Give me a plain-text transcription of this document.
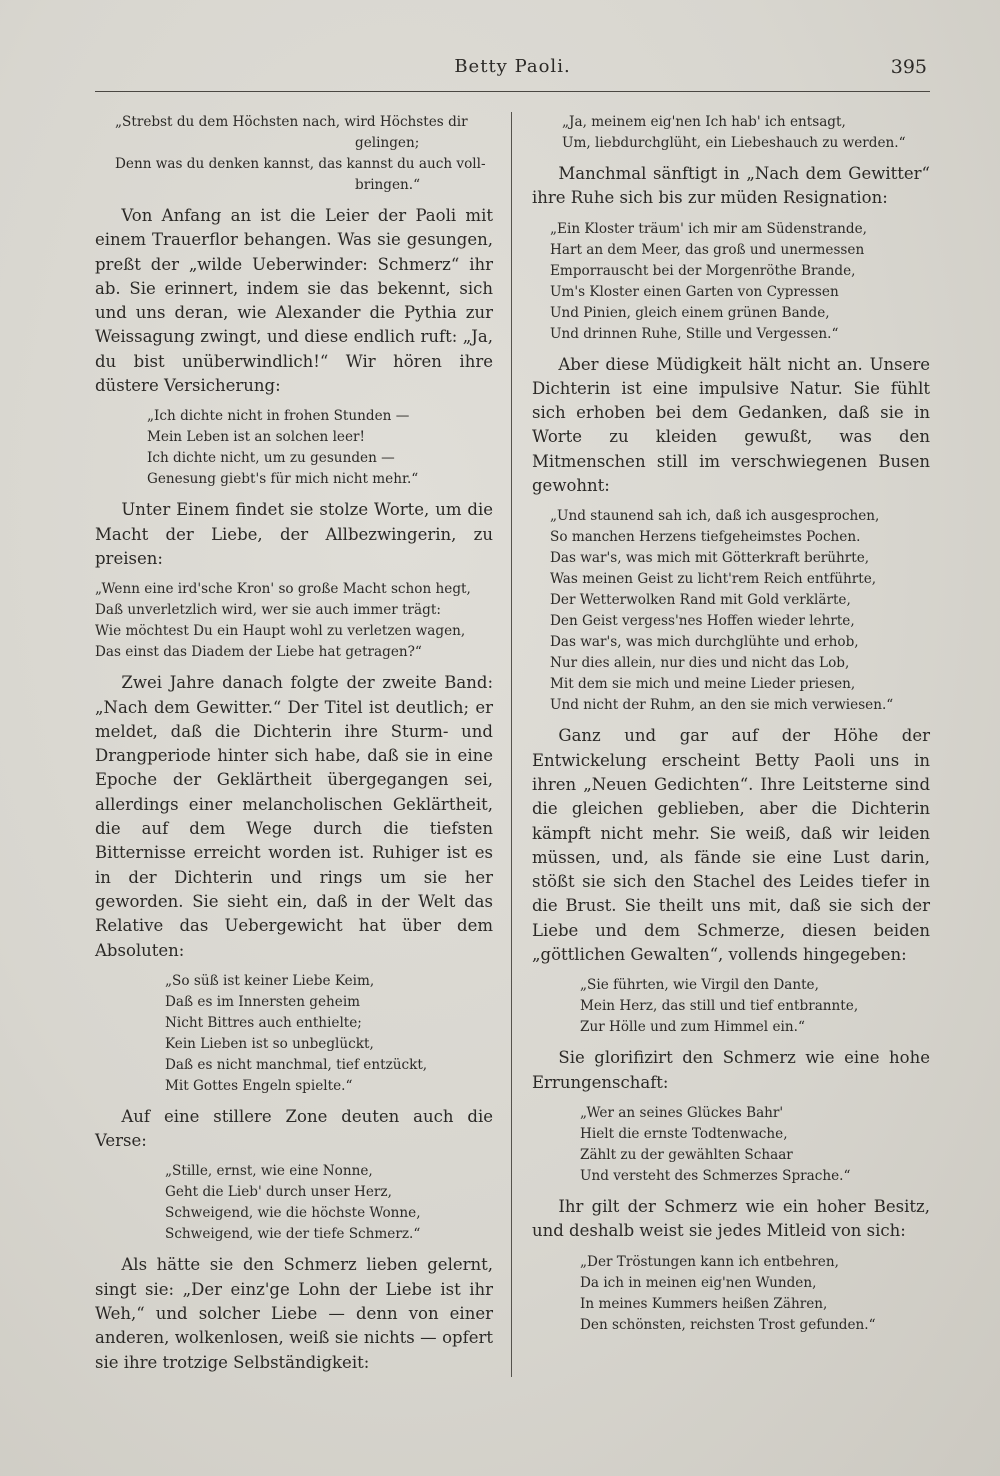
Betty Paoli.	395
„Strebst du dem Höchsten nach, wird Höchstes dir
gelingen;
Denn was du denken kannst, das kannst du auch voll-
bringen.“

Von Anfang an ist die Leier der Paoli mit einem Trauerflor behangen. Was sie gesungen, preßt der „wilde Ueberwinder: Schmerz“ ihr ab. Sie erinnert, indem sie das bekennt, sich und uns deran, wie Alexander die Pythia zur Weissagung zwingt, und diese endlich ruft: „Ja, du bist unüberwindlich!“ Wir hören ihre düstere Versicherung:

„Ich dichte nicht in frohen Stunden —
Mein Leben ist an solchen leer!
Ich dichte nicht, um zu gesunden —
Genesung giebt's für mich nicht mehr.“

Unter Einem findet sie stolze Worte, um die Macht der Liebe, der Allbezwingerin, zu preisen:

„Wenn eine ird'sche Kron' so große Macht schon hegt,
Daß unverletzlich wird, wer sie auch immer trägt:
Wie möchtest Du ein Haupt wohl zu verletzen wagen,
Das einst das Diadem der Liebe hat getragen?“

Zwei Jahre danach folgte der zweite Band: „Nach dem Gewitter.“ Der Titel ist deutlich; er meldet, daß die Dichterin ihre Sturm- und Drangperiode hinter sich habe, daß sie in eine Epoche der Geklärtheit übergegangen sei, allerdings einer melancholischen Geklärtheit, die auf dem Wege durch die tiefsten Bitternisse erreicht worden ist. Ruhiger ist es in der Dichterin und rings um sie her geworden. Sie sieht ein, daß in der Welt das Relative das Uebergewicht hat über dem Absoluten:

„So süß ist keiner Liebe Keim,
Daß es im Innersten geheim
Nicht Bittres auch enthielte;
Kein Lieben ist so unbeglückt,
Daß es nicht manchmal, tief entzückt,
Mit Gottes Engeln spielte.“

Auf eine stillere Zone deuten auch die Verse:

„Stille, ernst, wie eine Nonne,
Geht die Lieb' durch unser Herz,
Schweigend, wie die höchste Wonne,
Schweigend, wie der tiefe Schmerz.“

Als hätte sie den Schmerz lieben gelernt, singt sie: „Der einz'ge Lohn der Liebe ist ihr Weh,“ und solcher Liebe — denn von einer anderen, wolkenlosen, weiß sie nichts — opfert sie ihre trotzige Selbständigkeit:

„Ja, meinem eig'nen Ich hab' ich entsagt,
Um, liebdurchglüht, ein Liebeshauch zu werden.“

Manchmal sänftigt in „Nach dem Gewitter“ ihre Ruhe sich bis zur müden Resignation:

„Ein Kloster träum' ich mir am Südenstrande,
Hart an dem Meer, das groß und unermessen
Emporrauscht bei der Morgenröthe Brande,
Um's Kloster einen Garten von Cypressen
Und Pinien, gleich einem grünen Bande,
Und drinnen Ruhe, Stille und Vergessen.“

Aber diese Müdigkeit hält nicht an. Unsere Dichterin ist eine impulsive Natur. Sie fühlt sich erhoben bei dem Gedanken, daß sie in Worte zu kleiden gewußt, was den Mitmenschen still im verschwiegenen Busen gewohnt:

„Und staunend sah ich, daß ich ausgesprochen,
So manchen Herzens tiefgeheimstes Pochen.
Das war's, was mich mit Götterkraft berührte,
Was meinen Geist zu licht'rem Reich entführte,
Der Wetterwolken Rand mit Gold verklärte,
Den Geist vergess'nes Hoffen wieder lehrte,
Das war's, was mich durchglühte und erhob,
Nur dies allein, nur dies und nicht das Lob,
Mit dem sie mich und meine Lieder priesen,
Und nicht der Ruhm, an den sie mich verwiesen.“

Ganz und gar auf der Höhe der Entwickelung erscheint Betty Paoli uns in ihren „Neuen Gedichten“. Ihre Leitsterne sind die gleichen geblieben, aber die Dichterin kämpft nicht mehr. Sie weiß, daß wir leiden müssen, und, als fände sie eine Lust darin, stößt sie sich den Stachel des Leides tiefer in die Brust. Sie theilt uns mit, daß sie sich der Liebe und dem Schmerze, diesen beiden „göttlichen Gewalten“, vollends hingegeben:

„Sie führten, wie Virgil den Dante,
Mein Herz, das still und tief entbrannte,
Zur Hölle und zum Himmel ein.“

Sie glorifizirt den Schmerz wie eine hohe Errungenschaft:

„Wer an seines Glückes Bahr'
Hielt die ernste Todtenwache,
Zählt zu der gewählten Schaar
Und versteht des Schmerzes Sprache.“

Ihr gilt der Schmerz wie ein hoher Besitz, und deshalb weist sie jedes Mitleid von sich:

„Der Tröstungen kann ich entbehren,
Da ich in meinen eig'nen Wunden,
In meines Kummers heißen Zähren,
Den schönsten, reichsten Trost gefunden.“
